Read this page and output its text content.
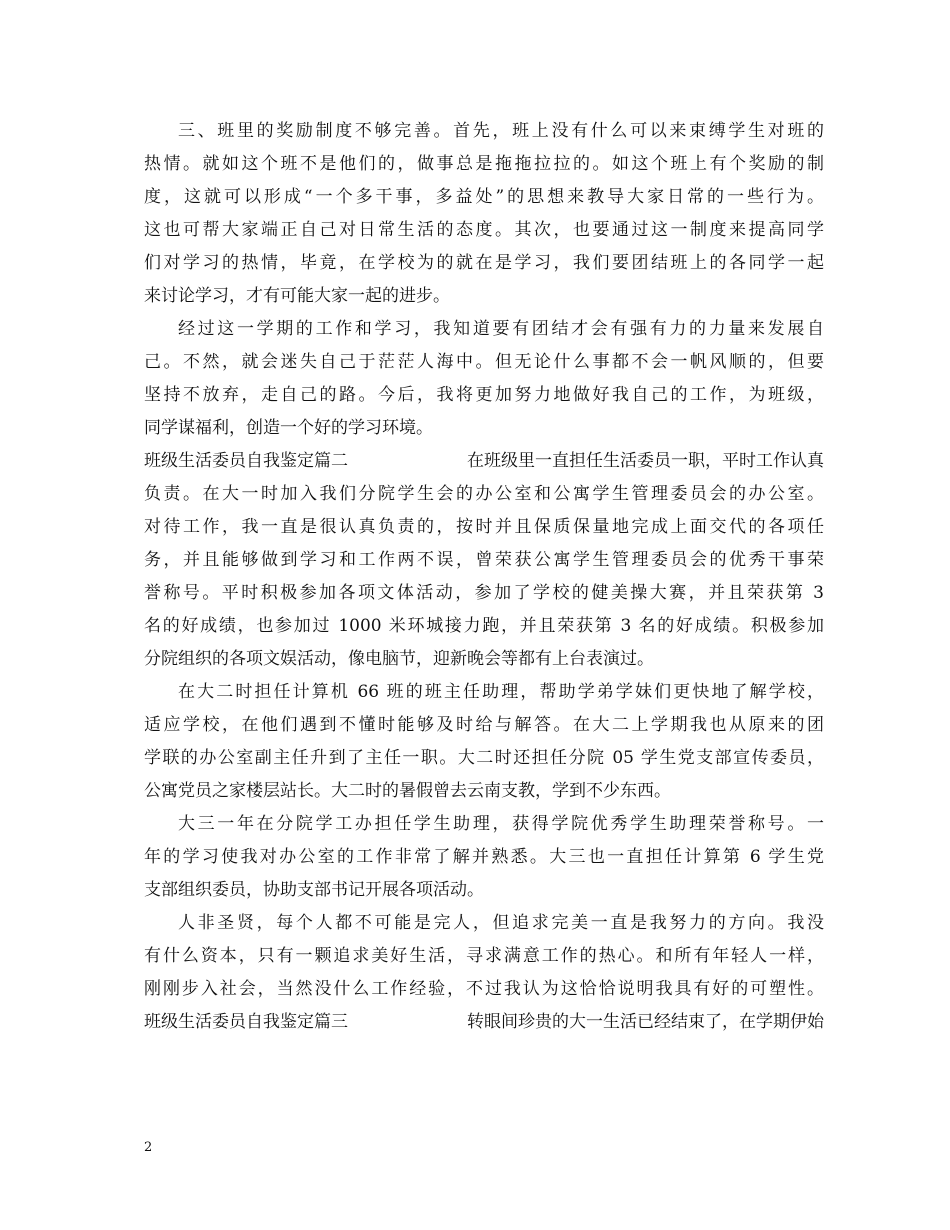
三、班里的奖励制度不够完善。首先，班上没有什么可以来束缚学生对班的
热情。就如这个班不是他们的，做事总是拖拖拉拉的。如这个班上有个奖励的制
度，这就可以形成“一个多干事，多益处”的思想来教导大家日常的一些行为。
这也可帮大家端正自己对日常生活的态度。其次，也要通过这一制度来提高同学
们对学习的热情，毕竟，在学校为的就在是学习，我们要团结班上的各同学一起
来讨论学习，才有可能大家一起的进步。
经过这一学期的工作和学习，我知道要有团结才会有强有力的力量来发展自
己。不然，就会迷失自己于茫茫人海中。但无论什么事都不会一帆风顺的，但要
坚持不放弃，走自己的路。今后，我将更加努力地做好我自己的工作，为班级，
同学谋福利，创造一个好的学习环境。
班级生活委员自我鉴定篇二	在班级里一直担任生活委员一职，平时工作认真
负责。在大一时加入我们分院学生会的办公室和公寓学生管理委员会的办公室。
对待工作，我一直是很认真负责的，按时并且保质保量地完成上面交代的各项任
务，并且能够做到学习和工作两不误，曾荣获公寓学生管理委员会的优秀干事荣
誉称号。平时积极参加各项文体活动，参加了学校的健美操大赛，并且荣获第 3
名的好成绩，也参加过 1000 米环城接力跑，并且荣获第 3 名的好成绩。积极参加
分院组织的各项文娱活动，像电脑节，迎新晚会等都有上台表演过。
在大二时担任计算机 66 班的班主任助理，帮助学弟学妹们更快地了解学校，
适应学校，在他们遇到不懂时能够及时给与解答。在大二上学期我也从原来的团
学联的办公室副主任升到了主任一职。大二时还担任分院 05 学生党支部宣传委员，
公寓党员之家楼层站长。大二时的暑假曾去云南支教，学到不少东西。
大三一年在分院学工办担任学生助理，获得学院优秀学生助理荣誉称号。一
年的学习使我对办公室的工作非常了解并熟悉。大三也一直担任计算第 6 学生党
支部组织委员，协助支部书记开展各项活动。
人非圣贤，每个人都不可能是完人，但追求完美一直是我努力的方向。我没
有什么资本，只有一颗追求美好生活，寻求满意工作的热心。和所有年轻人一样，
刚刚步入社会，当然没什么工作经验，不过我认为这恰恰说明我具有好的可塑性。
班级生活委员自我鉴定篇三	转眼间珍贵的大一生活已经结束了，在学期伊始
2
